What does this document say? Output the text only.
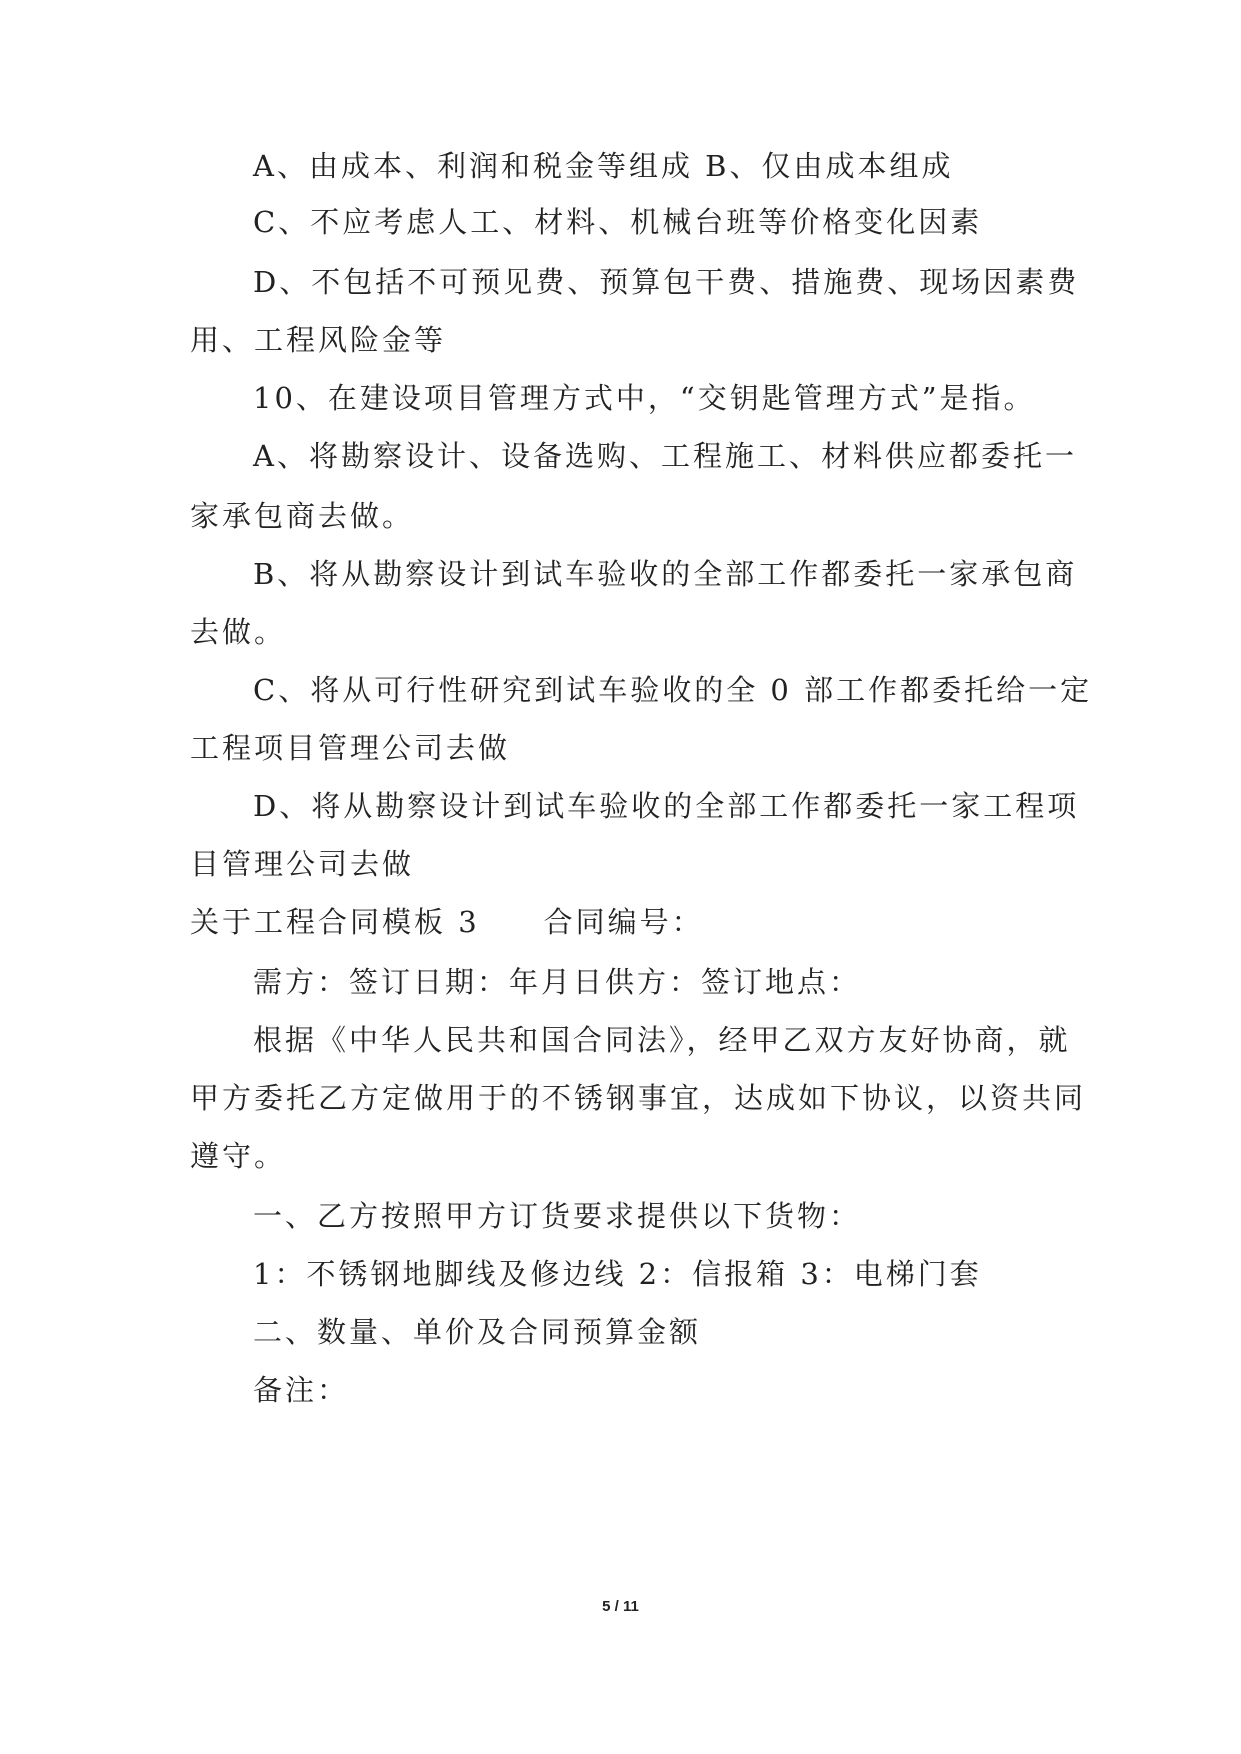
A、由成本、利润和税金等组成 B、仅由成本组成
C、不应考虑人工、材料、机械台班等价格变化因素
D、不包括不可预见费、预算包干费、措施费、现场因素费
用、工程风险金等
10、在建设项目管理方式中，“交钥匙管理方式”是指。
A、将勘察设计、设备选购、工程施工、材料供应都委托一
家承包商去做。
B、将从勘察设计到试车验收的全部工作都委托一家承包商
去做。
C、将从可行性研究到试车验收的全 0 部工作都委托给一定
工程项目管理公司去做
D、将从勘察设计到试车验收的全部工作都委托一家工程项
目管理公司去做
关于工程合同模板 3　　合同编号：
需方：签订日期：年月日供方：签订地点：
根据《中华人民共和国合同法》，经甲乙双方友好协商，就
甲方委托乙方定做用于的不锈钢事宜，达成如下协议，以资共同
遵守。
一、乙方按照甲方订货要求提供以下货物：
1：不锈钢地脚线及修边线 2：信报箱 3：电梯门套
二、数量、单价及合同预算金额
备注：
5 / 11
